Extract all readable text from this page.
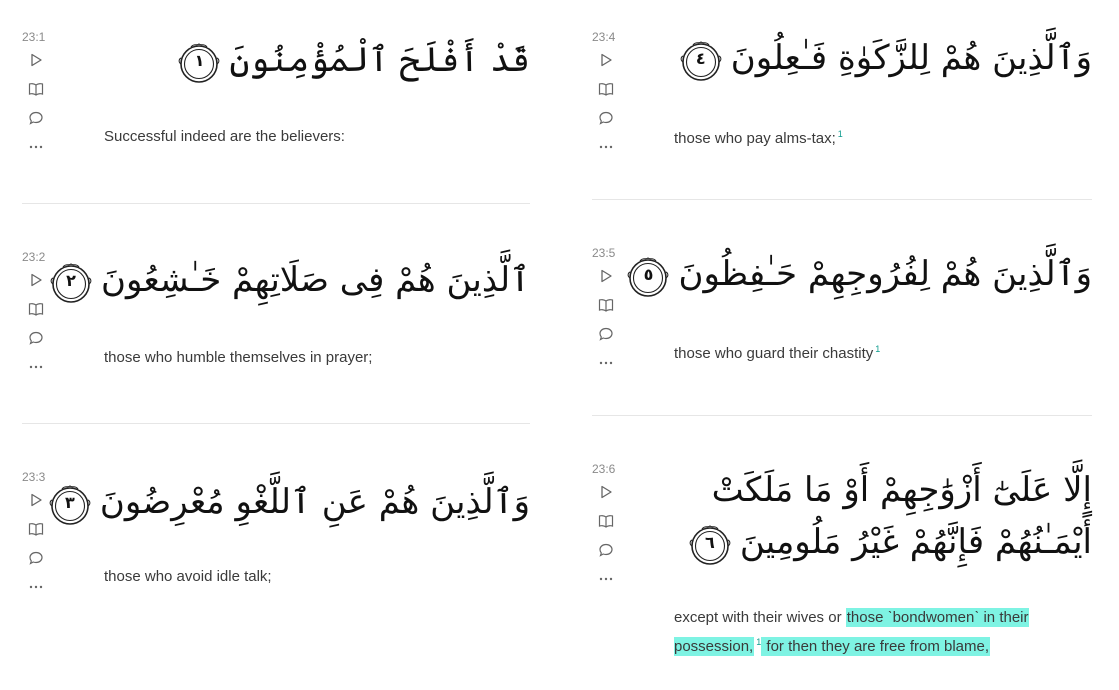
23:1
قَدْ أَفْلَحَ ٱلْمُؤْمِنُونَ
١
Successful indeed are the believers:
23:2
ٱلَّذِينَ هُمْ فِى صَلَاتِهِمْ خَـٰشِعُونَ
٢
those who humble themselves in prayer;
23:3
وَٱلَّذِينَ هُمْ عَنِ ٱللَّغْوِ مُعْرِضُونَ
٣
those who avoid idle talk;
23:4
وَٱلَّذِينَ هُمْ لِلزَّكَوٰةِ فَـٰعِلُونَ
٤
those who pay alms-tax; $^1$
23:5
وَٱلَّذِينَ هُمْ لِفُرُوجِهِمْ حَـٰفِظُونَ
٥
those who guard their chastity $^1$
23:6
إِلَّا عَلَىٰٓ أَزْوَٰجِهِمْ أَوْ مَا مَلَكَتْ
أَيْمَـٰنُهُمْ فَإِنَّهُمْ غَيْرُ مَلُومِينَ
٦
except with their wives or those ˋbondwomenˋ in their possession, $^1$ for then they are free from blame,
